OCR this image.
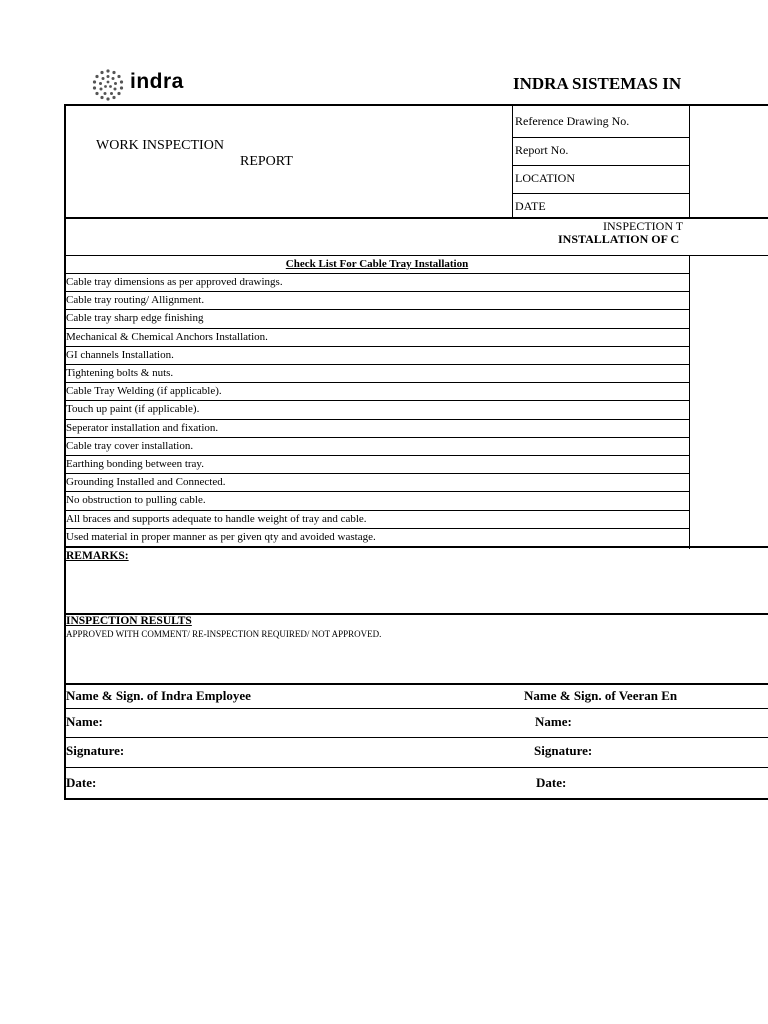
indra	INDRA SISTEMAS IN
WORK INSPECTION
REPORT
Reference Drawing No.
Report No.
LOCATION
DATE
INSPECTION T
INSTALLATION OF C
Check List For Cable Tray Installation
Cable tray dimensions as per approved drawings.
Cable tray routing/ Allignment.
Cable tray sharp edge finishing
Mechanical & Chemical Anchors Installation.
GI channels Installation.
Tightening bolts & nuts.
Cable Tray Welding (if applicable).
Touch up paint (if applicable).
Seperator installation and fixation.
Cable tray cover installation.
Earthing bonding between tray.
Grounding Installed and Connected.
No obstruction to pulling cable.
All braces and supports adequate to handle weight of tray and cable.
Used material in proper manner as per given qty and avoided wastage.
REMARKS:
INSPECTION RESULTS
APPROVED WITH COMMENT/ RE-INSPECTION REQUIRED/ NOT APPROVED.
Name & Sign. of Indra Employee	Name & Sign. of Veeran En
Name:	Name:
Signature:	Signature:
Date:	Date:
